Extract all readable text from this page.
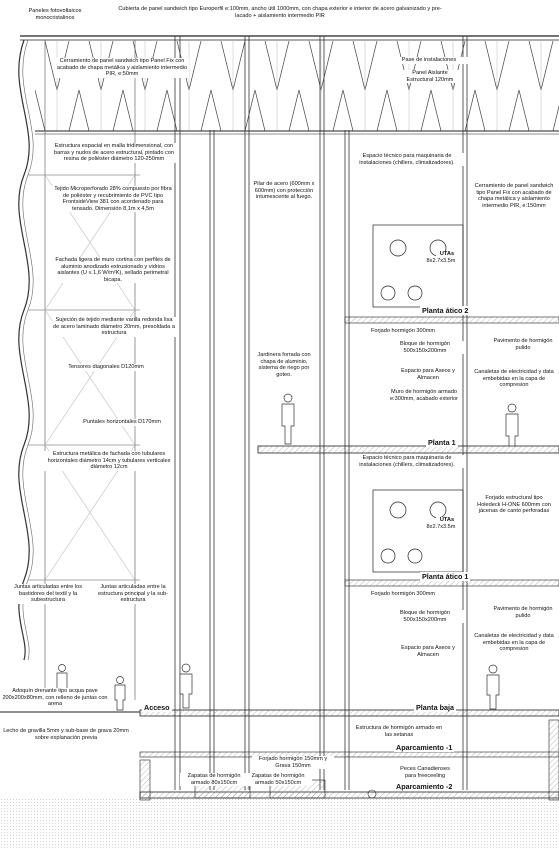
Paneles fotovoltaicos monocristalinos
Cubierta de panel sandwich tipo Europerfil e:100mm, ancho útil 1000mm, con chapa exterior e interior de acero galvanizado y pre-lacado + aislamiento intermedio PIR
Cerramiento de panel sandwich tipo Panel Fix con acabado de chapa metálica y aislamiento intermedio PIR, e:50mm
Pase de instalaciones
Panel Aislante Estructural 120mm
Estructura espacial en malla tridimensional, con barras y nudos de acero estructural, pintado con resina de poliéster diámetro 120-250mm
Espacio técnico para maquinaria de instalaciones (chillers, climatizadores).
Cerramiento de panel sandwich tipo Panel Fix con acabado de chapa metálica y aislamiento intermedio PIR, e:150mm
Tejido Microperforado 28% compuesto por fibra de poliéster y recubrimiento de PVC tipo FrontsideView 381 con acordenado para tensado. Dimensión 8,1m x 4,5m
Pilar de acero (600mm x 600mm) con protección intumescente al fuego.
UTAs
8x2.7x3.5m
Fachada ligera de muro cortina con perfiles de aluminio anodizado extrusionado y vidrios aislantes (U ≤ 1,6 W/m²K), sellado perimetral bicapa.
Planta ático 2
Sujeción de tejido mediante varilla redonda lisa de acero laminado diámetro 20mm, presoldada a estructura	Forjado hormigón 300mm
Pavimento de hormigón pulido
Bloque de hormigón 500x150x200mm
Jardinera forrada con chapa de aluminio, sistema de riego por goteo.
Tensores diagonales D120mm
Espacio para Aseos y Almacen
Canaletas de electricidad y data embebidas en la capa de compresion
Muro de hormigón armado e:300mm, acabado exterior
Puntales horizontales D170mm
Planta 1
Estructura metálica de fachada con tubulares horizontales diámetro 14cm y tubulares verticales diámetro 12cm
Espacio técnico para maquinaria de instalaciones (chillers, climatizadores).
Forjado estructural tipo Holedeck H-ONE 600mm con jácenas de canto perforadas
UTAs
8x2.7x3.5m
Planta ático 1
Juntas articuladas entre los bastidores del textil y la subestructura
Juntas articuladas entre la estructura principal y la sub-estructura
Forjado hormigón 300mm
Pavimento de hormigón pulido
Bloque de hormigón 500x150x200mm
Canaletas de electricidad y data embebidas en la capa de compresion
Espacio para Aseos y Almacen
Adoquín drenante tipo acqua pave 200x200x80mm, con relleno de juntas con arena	Acceso	Planta baja
Lecho de gravilla 5mm y sub-base de grava 20mm sobre explanación previa
Estructura de hormigón armado en las setanas
Aparcamiento -1
Forjado hormigón 150mm y Grava 150mm
Peces Canadienses para freeceeling
Zapatas de hormigón armado 80x150cm
Zapatas de hormigón armado 50x150cm	Aparcamiento -2
